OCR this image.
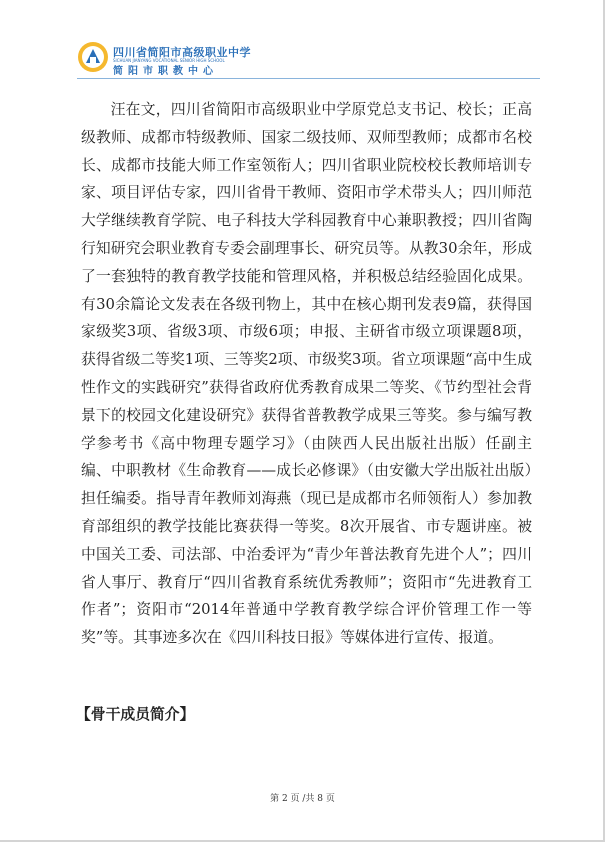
四川省简阳市高级职业中学
SICHUAN JIANYANG VOCATIONAL SENIOR HIGH SCHOOL
简阳市职教中心

汪在文，四川省简阳市高级职业中学原党总支书记、校长；正高级教师、成都市特级教师、国家二级技师、双师型教师；成都市名校长、成都市技能大师工作室领衔人；四川省职业院校校长教师培训专家、项目评估专家，四川省骨干教师、资阳市学术带头人；四川师范大学继续教育学院、电子科技大学科园教育中心兼职教授；四川省陶行知研究会职业教育专委会副理事长、研究员等。从教30余年，形成了一套独特的教育教学技能和管理风格，并积极总结经验固化成果。有30余篇论文发表在各级刊物上，其中在核心期刊发表9篇，获得国家级奖3项、省级3项、市级6项；申报、主研省市级立项课题8项，获得省级二等奖1项、三等奖2项、市级奖3项。省立项课题“高中生成性作文的实践研究”获得省政府优秀教育成果二等奖、《节约型社会背景下的校园文化建设研究》获得省普教教学成果三等奖。参与编写教学参考书《高中物理专题学习》（由陕西人民出版社出版）任副主编、中职教材《生命教育——成长必修课》（由安徽大学出版社出版）担任编委。指导青年教师刘海燕（现已是成都市名师领衔人）参加教育部组织的教学技能比赛获得一等奖。8次开展省、市专题讲座。被中国关工委、司法部、中治委评为“青少年普法教育先进个人”；四川省人事厅、教育厅“四川省教育系统优秀教师”；资阳市“先进教育工作者”；资阳市“2014年普通中学教育教学综合评价管理工作一等奖”等。其事迹多次在《四川科技日报》等媒体进行宣传、报道。

【骨干成员简介】
第 2 页 /共 8 页
